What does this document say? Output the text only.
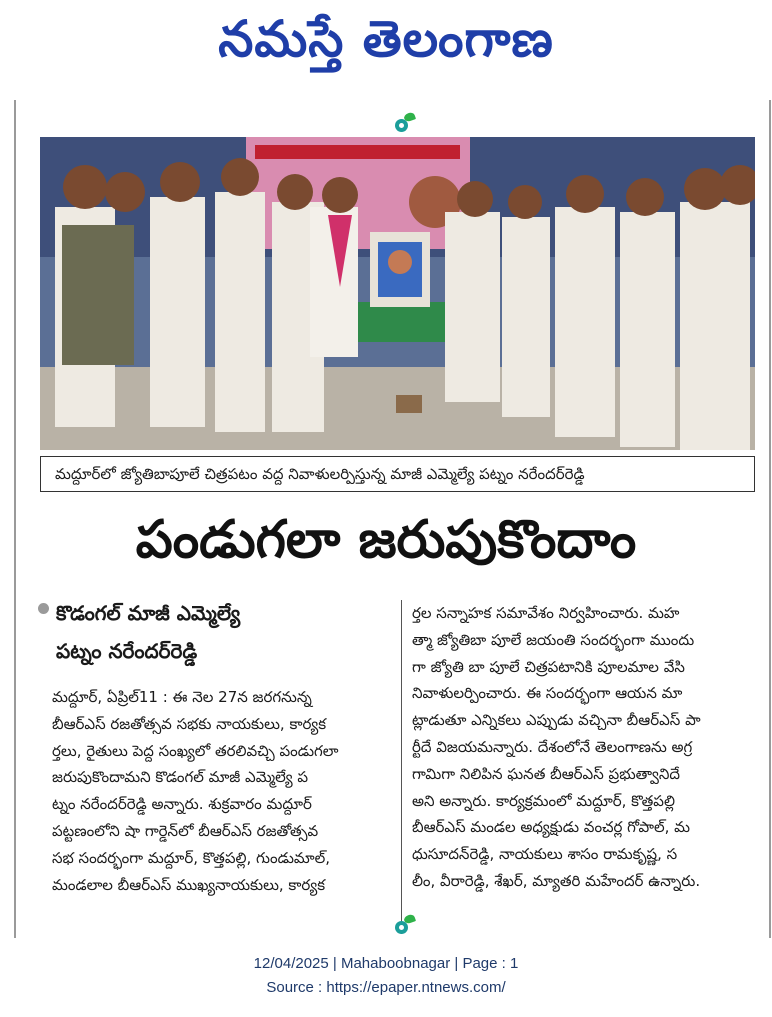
నమస్తే తెలంగాణ
మద్దూర్‌లో జ్యోతిబాపూలే చిత్రపటం వద్ద నివాళులర్పిస్తున్న మాజీ ఎమ్మెల్యే పట్నం నరేందర్‌రెడ్డి
పండుగలా జరుపుకొందాం

కొడంగల్ మాజీ ఎమ్మెల్యే

పట్నం నరేందర్‌రెడ్డి

మద్దూర్, ఏప్రిల్11 : ఈ నెల 27న జరగనున్న

బీఆర్‌ఎస్ రజతోత్సవ సభకు నాయకులు, కార్యక

ర్తలు, రైతులు పెద్ద సంఖ్యలో తరలివచ్చి పండుగలా

జరుపుకొందామని కొడంగల్ మాజీ ఎమ్మెల్యే ప

ట్నం నరేందర్‌రెడ్డి అన్నారు. శుక్రవారం మద్దూర్

పట్టణంలోని షా గార్డెన్‌లో బీఆర్‌ఎస్ రజతోత్సవ

సభ సందర్భంగా మద్దూర్, కొత్తపల్లి, గుండుమాల్,

మండలాల బీఆర్‌ఎస్ ముఖ్యనాయకులు, కార్యక

ర్తల సన్నాహక సమావేశం నిర్వహించారు. మహ

త్మా జ్యోతిబా పూలే జయంతి సందర్భంగా ముందు

గా జ్యోతి బా పూలే చిత్రపటానికి పూలమాల వేసి

నివాళులర్పించారు. ఈ సందర్భంగా ఆయన మా

ట్లాడుతూ ఎన్నికలు ఎప్పుడు వచ్చినా బీఆర్‌ఎస్ పా

ర్టీదే విజయమన్నారు. దేశంలోనే తెలంగాణను అగ్ర

గామిగా నిలిపిన ఘనత బీఆర్‌ఎస్ ప్రభుత్వానిదే

అని అన్నారు. కార్యక్రమంలో మద్దూర్, కొత్తపల్లి

బీఆర్‌ఎస్ మండల అధ్యక్షుడు వంచర్ల గోపాల్, మ

ధుసూదన్‌రెడ్డి, నాయకులు శాసం రామకృష్ణ, స

లీం, వీరారెడ్డి, శేఖర్, మ్యాతరి మహేందర్ ఉన్నారు.

12/04/2025 | Mahaboobnagar | Page : 1
Source : https://epaper.ntnews.com/
